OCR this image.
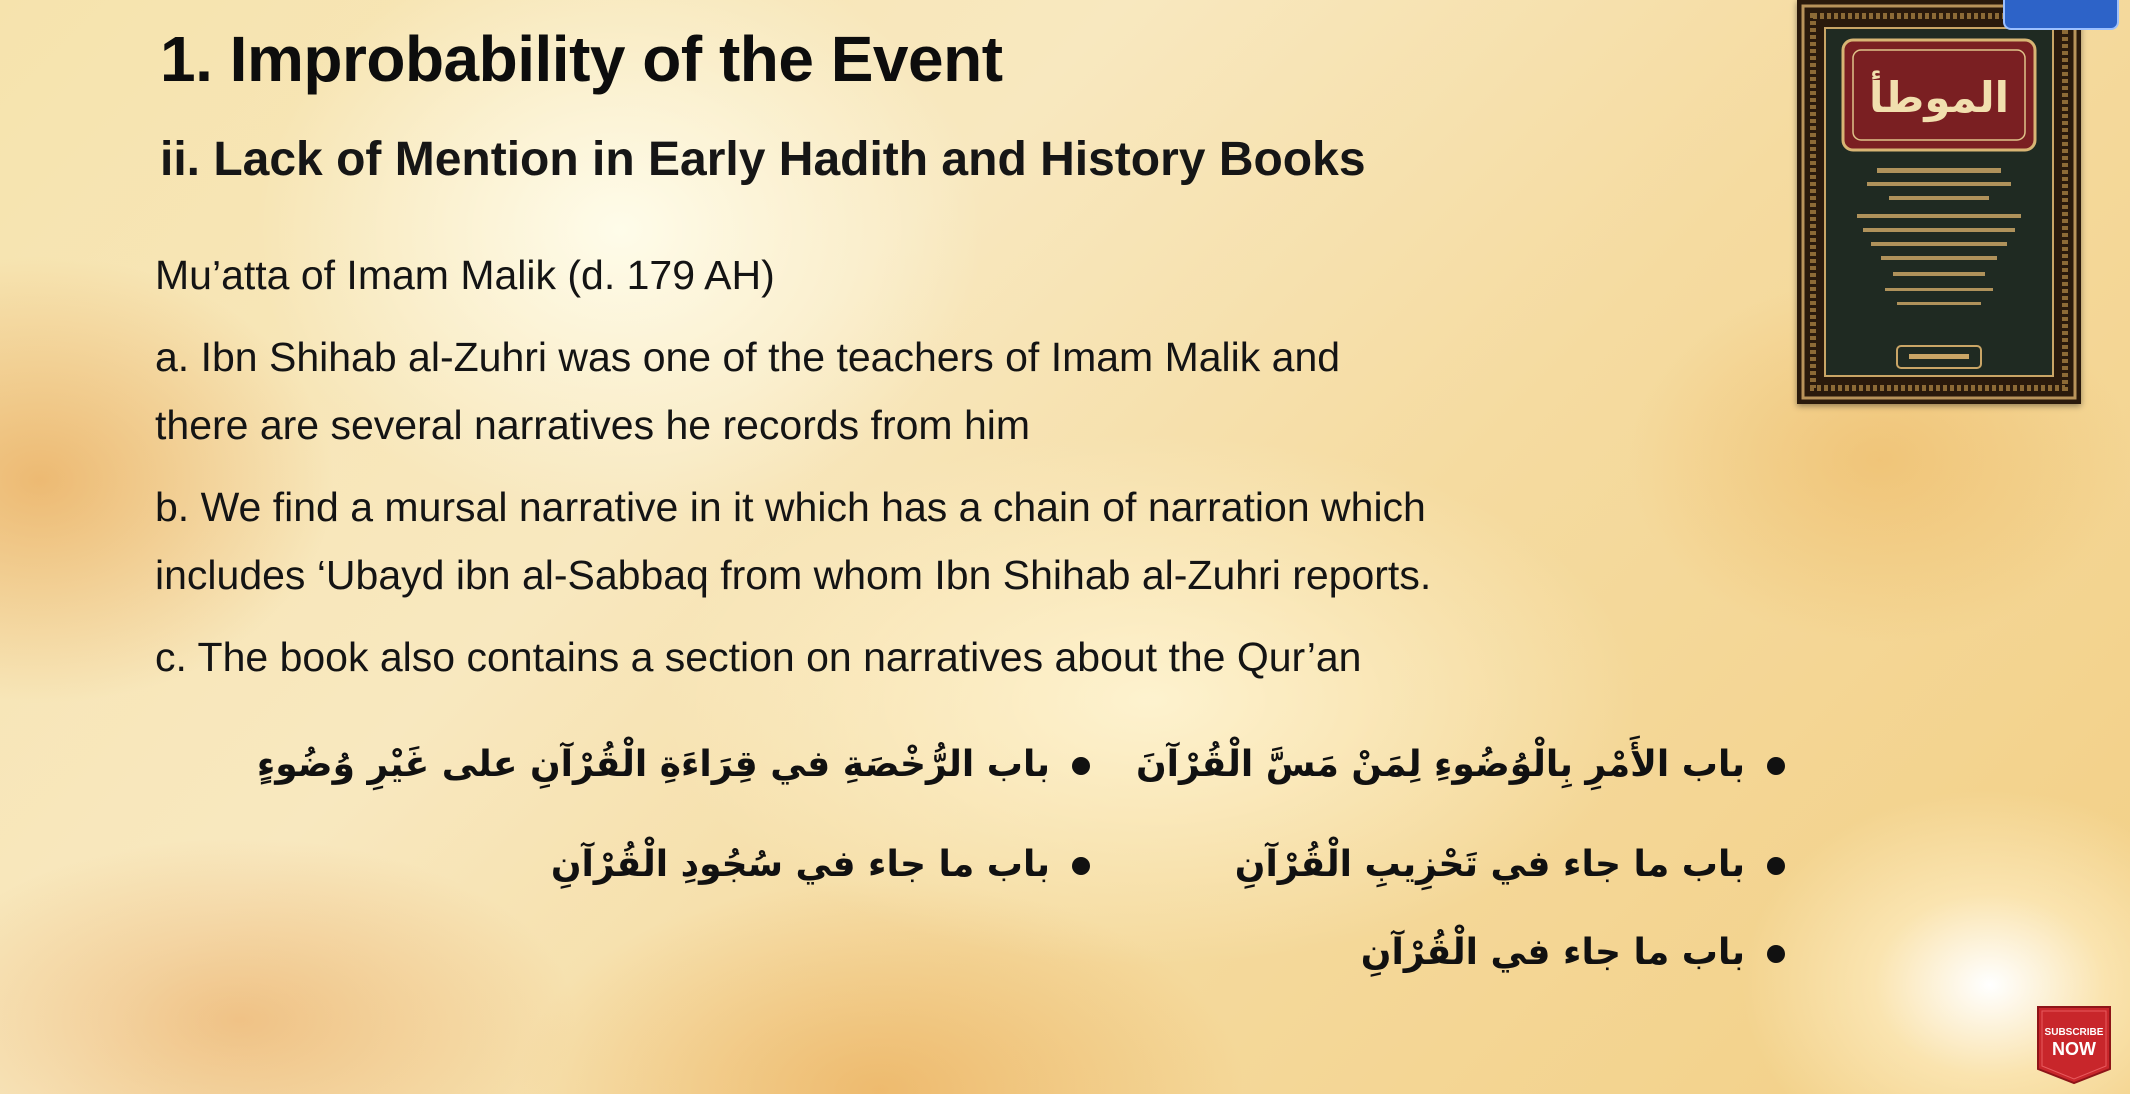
1. Improbability of the Event
ii. Lack of Mention in Early Hadith and History Books

Mu’atta of Imam Malik (d. 179 AH)

a. Ibn Shihab al-Zuhri was one of the teachers of Imam Malik and

there are several narratives he records from him

b. We find a mursal narrative in it which has a chain of narration which

includes ‘Ubayd ibn al-Sabbaq from whom Ibn Shihab al-Zuhri reports.

c. The book also contains a section on narratives about the Qur’an

باب الأَمْرِ بِالْوُضُوءِ لِمَنْ مَسَّ الْقُرْآنَ
باب ما جاء في تَحْزِيبِ الْقُرْآنِ
باب ما جاء في الْقُرْآنِ
باب الرُّخْصَةِ في قِرَاءَةِ الْقُرْآنِ على غَيْرِ وُضُوءٍ
باب ما جاء في سُجُودِ الْقُرْآنِ
الموطأ
SUBSCRIBE
NOW
